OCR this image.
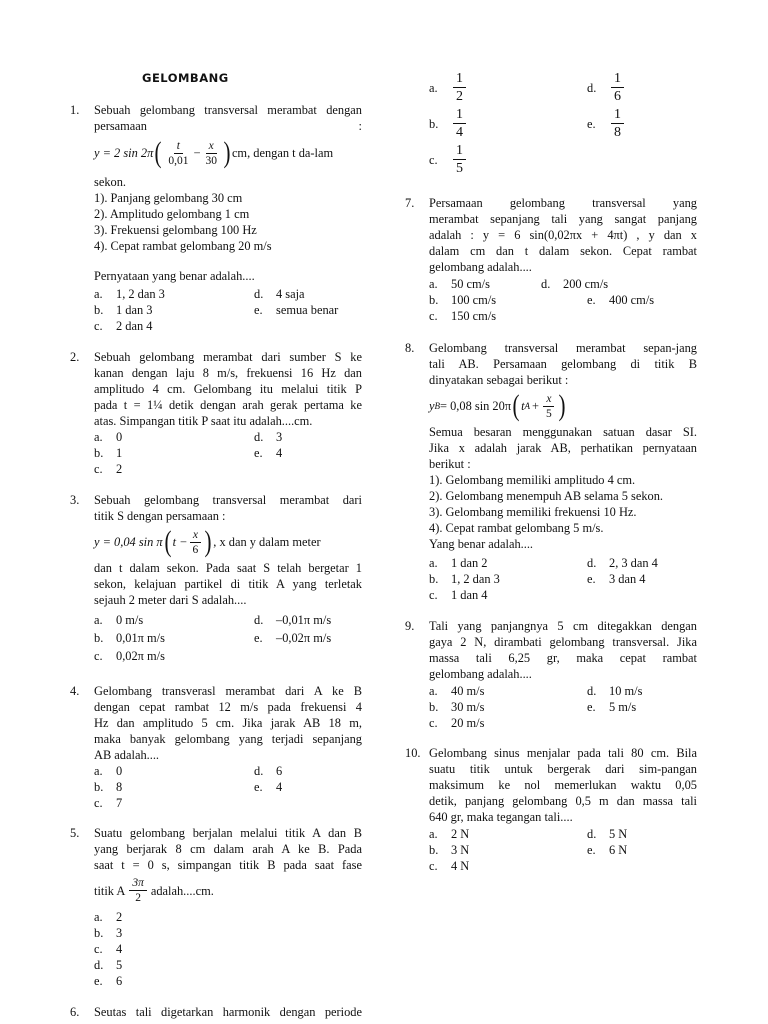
GELOMBANG
1.	Sebuah gelombang transversal merambat dengan persamaan :

y = 2 sin 2π ( $\frac{t}{0,01} - \frac{x}{30}$ ) cm, dengan t da-lam

sekon.

1). Panjang gelombang 30 cm
2). Amplitudo gelombang 1 cm
3). Frekuensi gelombang 100 Hz
4). Cepat rambat gelombang 20 m/s

Pernyataan yang benar adalah....

a. 1, 2 dan 3	d. 4 saja
b. 1 dan 3	e. semua benar
c. 2 dan 4
2.	Sebuah gelombang merambat dari sumber S ke

kanan dengan laju 8 m/s, frekuensi 16 Hz dan

amplitudo 4 cm. Gelombang itu melalui titik P

pada t = 1¼ detik dengan arah gerak pertama ke

atas. Simpangan titik P saat itu adalah....cm.

a. 0	d. 3
b. 1	e. 4
c. 2
3.	Sebuah gelombang transversal merambat dari

titik S dengan persamaan :

y = 0,04 sin π ( $t - \frac{x}{6}$ ) , x dan y dalam meter

dan t dalam sekon. Pada saat S telah bergetar 1

sekon, kelajuan partikel di titik A yang terletak

sejauh 2 meter dari S adalah....

a. 0 m/s	d. –0,01π m/s
b. 0,01π m/s	e. –0,02π m/s
c. 0,02π m/s
4.	Gelombang transverasl merambat dari A ke B

dengan cepat rambat 12 m/s pada frekuensi 4

Hz dan amplitudo 5 cm. Jika jarak AB 18 m,

maka banyak gelombang yang terjadi sepanjang

AB adalah....

a. 0	d. 6
b. 8	e. 4
c. 7
5.	Suatu gelombang berjalan melalui titik A dan B

yang berjarak 8 cm dalam arah A ke B. Pada

saat t = 0 s, simpangan titik B pada saat fase

titik A $\frac{3\pi}{2}$ adalah....cm.
a. 2
b. 3
c. 4
d. 5
e. 6
6.	Seutas tali digetarkan harmonik dengan periode

a.	$\frac{1}{2}$	d.	$\frac{1}{6}$
b.	$\frac{1}{4}$	e.	$\frac{1}{8}$
c.	$\frac{1}{5}$
7.	Persamaan gelombang transversal yang

merambat sepanjang tali yang sangat panjang

adalah : y = 6 sin(0,02πx + 4πt) , y dan x

dalam cm dan t dalam sekon. Cepat rambat

gelombang adalah....

a. 50 cm/s	d. 200 cm/s
b. 100 cm/s	e. 400 cm/s
c. 150 cm/s
8.	Gelombang transversal merambat sepan-jang

tali AB. Persamaan gelombang di titik B

dinyatakan sebagai berikut :

y B = 0,08 sin 20π ( t $A + \frac{x}{5}$ )

Semua besaran menggunakan satuan dasar SI.

Jika x adalah jarak AB, perhatikan pernyataan

berikut :

1). Gelombang memiliki amplitudo 4 cm.
2). Gelombang menempuh AB selama 5 sekon.
3). Gelombang memiliki frekuensi 10 Hz.
4). Cepat rambat gelombang 5 m/s.

Yang benar adalah....

a. 1 dan 2	d. 2, 3 dan 4
b. 1, 2 dan 3	e. 3 dan 4
c. 1 dan 4
9.	Tali yang panjangnya 5 cm ditegakkan dengan

gaya 2 N, dirambati gelombang transversal. Jika

massa tali 6,25 gr, maka cepat rambat

gelombang adalah....

a. 40 m/s	d. 10 m/s
b. 30 m/s	e. 5 m/s
c. 20 m/s
10. Gelombang sinus menjalar pada tali 80 cm. Bila

suatu titik untuk bergerak dari sim-pangan

maksimum ke nol memerlukan waktu 0,05

detik, panjang gelombang 0,5 m dan massa tali

640 gr, maka tegangan tali....

a. 2 N	d. 5 N
b. 3 N	e. 6 N
c. 4 N
